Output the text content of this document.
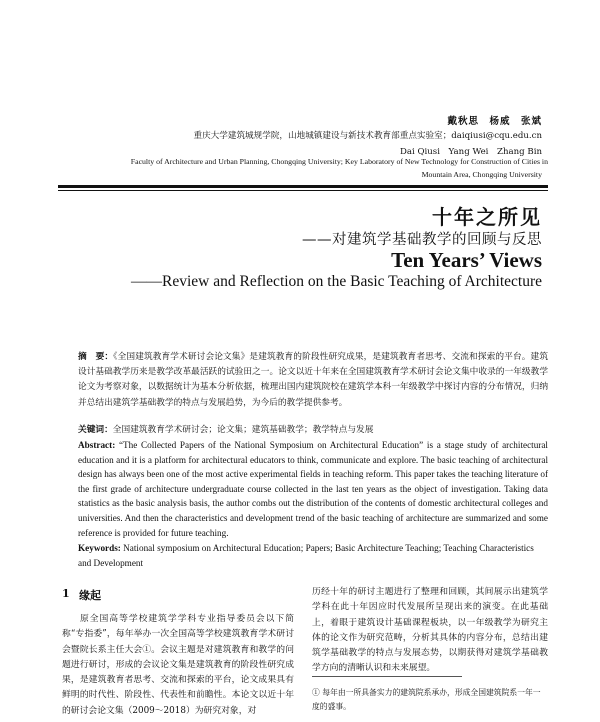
戴秋思　杨威　张斌
重庆大学建筑城规学院，山地城镇建设与新技术教育部重点实验室；daiqiusi@cqu.edu.cn
Dai Qiusi　Yang Wei　Zhang Bin
Faculty of Architecture and Urban Planning, Chongqing University; Key Laboratory of New Technology for Construction of Cities in
Mountain Area, Chongqing University
十年之所见
——对建筑学基础教学的回顾与反思
Ten Years’ Views
——Review and Reflection on the Basic Teaching of Architecture
摘　要：《全国建筑教育学术研讨会论文集》是建筑教育的阶段性研究成果，是建筑教育者思考、交流和探索的平台。建筑设计基础教学历来是教学改革最活跃的试验田之一。论文以近十年来在全国建筑教育学术研讨会论文集中收录的一年级教学论文为考察对象，以数据统计为基本分析依据，梳理出国内建筑院校在建筑学本科一年级教学中探讨内容的分布情况，归纳并总结出建筑学基础教学的特点与发展趋势，为今后的教学提供参考。
关键词：全国建筑教育学术研讨会；论文集；建筑基础教学；教学特点与发展
Abstract: “The Collected Papers of the National Symposium on Architectural Education” is a stage study of architectural education and it is a platform for architectural educators to think, communicate and explore. The basic teaching of architectural design has always been one of the most active experimental fields in teaching reform. This paper takes the teaching literature of the first grade of architecture undergraduate course collected in the last ten years as the object of investigation. Taking data statistics as the basic analysis basis, the author combs out the distribution of the contents of domestic architectural colleges and universities. And then the characteristics and development trend of the basic teaching of architecture are summarized and some reference is provided for future teaching.
Keywords: National symposium on Architectural Education; Papers; Basic Architecture Teaching; Teaching Characteristics and Development
1 缘起
原全国高等学校建筑学学科专业指导委员会以下简称“专指委”，每年举办一次全国高等学校建筑教育学术研讨会暨院长系主任大会①。会议主题是对建筑教育和教学的问题进行研讨，形成的会议论文集是建筑教育的阶段性研究成果，是建筑教育者思考、交流和探索的平台，论文成果具有鲜明的时代性、阶段性、代表性和前瞻性。本论文以近十年的研讨会论文集（2009～2018）为研究对象，对
历经十年的研讨主题进行了整理和回顾，其间展示出建筑学学科在此十年因应时代发展所呈现出来的演变。在此基础上，着眼于建筑设计基础课程板块，以一年级教学为研究主体的论文作为研究范畴，分析其具体的内容分布，总结出建筑学基础教学的特点与发展态势，以期获得对建筑学基础教学方向的清晰认识和未来展望。
① 每年由一所具备实力的建筑院系承办，形成全国建筑院系一年一度的盛事。
